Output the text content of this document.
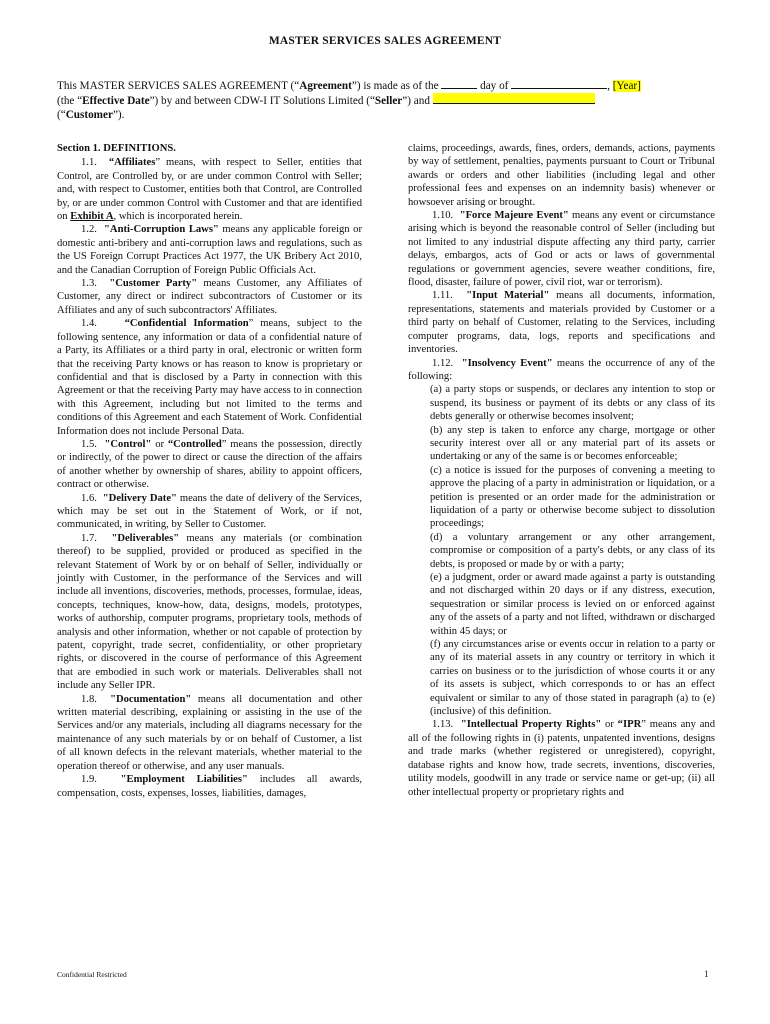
MASTER SERVICES SALES AGREEMENT
This MASTER SERVICES SALES AGREEMENT (“Agreement”) is made as of the	day of	, [Year]
(the “Effective Date”) by and between CDW-I IT Solutions Limited (“Seller”) and
(“Customer”).

Section 1. DEFINITIONS.

1.1. “Affiliates” means, with respect to Seller, entities that Control, are Controlled by, or are under common Control with Seller; and, with respect to Customer, entities both that Control, are Controlled by, or are under common Control with Customer and that are identified on Exhibit A, which is incorporated herein.

1.2. "Anti-Corruption Laws" means any applicable foreign or domestic anti-bribery and anti-corruption laws and regulations, such as the US Foreign Corrupt Practices Act 1977, the UK Bribery Act 2010, and the Canadian Corruption of Foreign Public Officials Act.

1.3. "Customer Party" means Customer, any Affiliates of Customer, any direct or indirect subcontractors of Customer or its Affiliates and any of such subcontractors' Affiliates.

1.4.	“Confidential Information” means, subject to the following sentence, any information or data of a confidential nature of a Party, its Affiliates or a third party in oral, electronic or written form that the receiving Party knows or has reason to know is proprietary or confidential and that is disclosed by a Party in connection with this Agreement or that the receiving Party may have access to in connection with this Agreement, including but not limited to the terms and conditions of this Agreement and each Statement of Work. Confidential Information does not include Personal Data.

1.5. "Control" or “Controlled” means the possession, directly or indirectly, of the power to direct or cause the direction of the affairs of another whether by ownership of shares, ability to appoint officers, contract or otherwise.

1.6. "Delivery Date" means the date of delivery of the Services, which may be set out in the Statement of Work, or if not, communicated, in writing, by Seller to Customer.

1.7. "Deliverables" means any materials (or combination thereof) to be supplied, provided or produced as specified in the relevant Statement of Work by or on behalf of Seller, individually or jointly with Customer, in the performance of the Services and will include all inventions, discoveries, methods, processes, formulae, ideas, concepts, techniques, know-how, data, designs, models, prototypes, works of authorship, computer programs, proprietary tools, methods of analysis and other information, whether or not capable of protection by patent, copyright, trade secret, confidentiality, or other proprietary rights, or discovered in the course of performance of this Agreement that are embodied in such work or materials. Deliverables shall not include any Seller IPR.

1.8. "Documentation" means all documentation and other written material describing, explaining or assisting in the use of the Services and/or any materials, including all diagrams necessary for the maintenance of any such materials by or on behalf of Customer, a list of all known defects in the relevant materials, whether material to the operation thereof or otherwise, and any user manuals.

1.9. "Employment Liabilities" includes all awards, compensation, costs, expenses, losses, liabilities, damages,

claims, proceedings, awards, fines, orders, demands, actions, payments by way of settlement, penalties, payments pursuant to Court or Tribunal awards or orders and other liabilities (including legal and other professional fees and expenses on an indemnity basis) whenever or howsoever arising or brought.

1.10. "Force Majeure Event" means any event or circumstance arising which is beyond the reasonable control of Seller (including but not limited to any industrial dispute affecting any third party, carrier delays, embargos, acts of God or acts or laws of governmental regulations or government agencies, severe weather conditions, fire, flood, disaster, failure of power, civil riot, war or terrorism).

1.11. "Input Material" means all documents, information, representations, statements and materials provided by Customer or a third party on behalf of Customer, relating to the Services, including computer programs, data, logs, reports and specifications and inventories.

1.12. "Insolvency Event" means the occurrence of any of the following:

(a) a party stops or suspends, or declares any intention to stop or suspend, its business or payment of its debts or any class of its debts generally or otherwise becomes insolvent;

(b) any step is taken to enforce any charge, mortgage or other security interest over all or any material part of its assets or undertaking or any of the same is or becomes enforceable;

(c) a notice is issued for the purposes of convening a meeting to approve the placing of a party in administration or liquidation, or a petition is presented or an order made for the administration or liquidation of a party or otherwise become subject to dissolution proceedings;

(d) a voluntary arrangement or any other arrangement, compromise or composition of a party's debts, or any class of its debts, is proposed or made by or with a party;

(e) a judgment, order or award made against a party is outstanding and not discharged within 20 days or if any distress, execution, sequestration or similar process is levied on or enforced against any of the assets of a party and not lifted, withdrawn or discharged within 45 days; or

(f) any circumstances arise or events occur in relation to a party or any of its material assets in any country or territory in which it carries on business or to the jurisdiction of whose courts it or any of its assets is subject, which corresponds to or has an effect equivalent or similar to any of those stated in paragraph (a) to (e) (inclusive) of this definition.

1.13. "Intellectual Property Rights" or “IPR” means any and all of the following rights in (i) patents, unpatented inventions, designs and trade marks (whether registered or unregistered), copyright, database rights and know how, trade secrets, inventions, discoveries, utility models, goodwill in any trade or service name or get-up; (ii) all other intellectual property or proprietary rights and

Confidential Restricted	1
